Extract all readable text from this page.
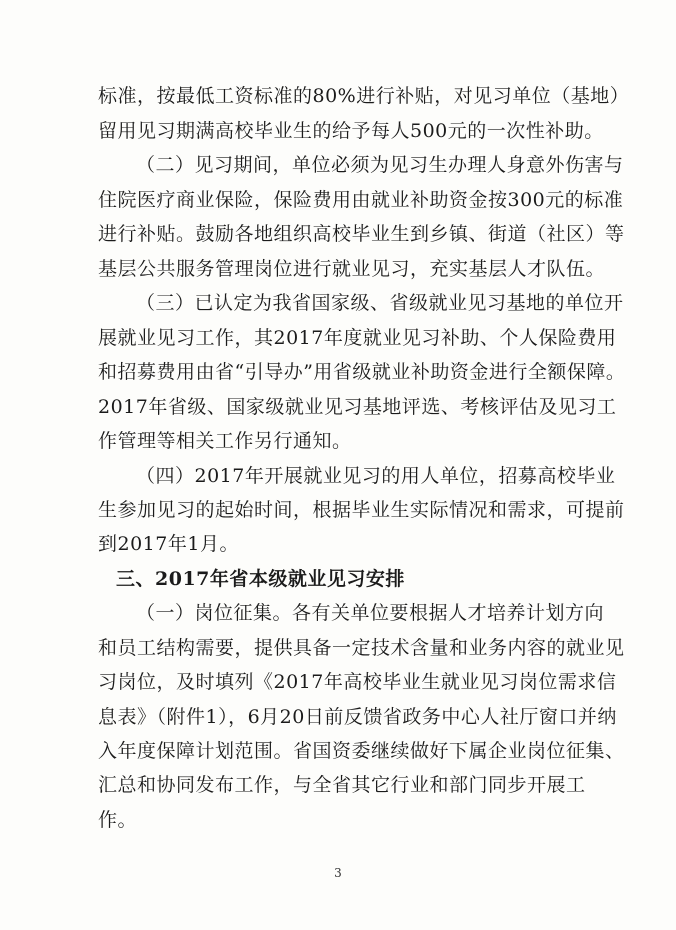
标准，按最低工资标准的80%进行补贴，对见习单位（基地）
留用见习期满高校毕业生的给予每人500元的一次性补助。
（二）见习期间，单位必须为见习生办理人身意外伤害与
住院医疗商业保险，保险费用由就业补助资金按300元的标准
进行补贴。鼓励各地组织高校毕业生到乡镇、街道（社区）等
基层公共服务管理岗位进行就业见习，充实基层人才队伍。
（三）已认定为我省国家级、省级就业见习基地的单位开
展就业见习工作，其2017年度就业见习补助、个人保险费用
和招募费用由省“引导办”用省级就业补助资金进行全额保障。
2017年省级、国家级就业见习基地评选、考核评估及见习工
作管理等相关工作另行通知。
（四）2017年开展就业见习的用人单位，招募高校毕业
生参加见习的起始时间，根据毕业生实际情况和需求，可提前
到2017年1月。
三、2017年省本级就业见习安排
（一）岗位征集。各有关单位要根据人才培养计划方向
和员工结构需要，提供具备一定技术含量和业务内容的就业见
习岗位，及时填列《2017年高校毕业生就业见习岗位需求信
息表》（附件1），6月20日前反馈省政务中心人社厅窗口并纳
入年度保障计划范围。省国资委继续做好下属企业岗位征集、
汇总和协同发布工作，与全省其它行业和部门同步开展工
作。
3
